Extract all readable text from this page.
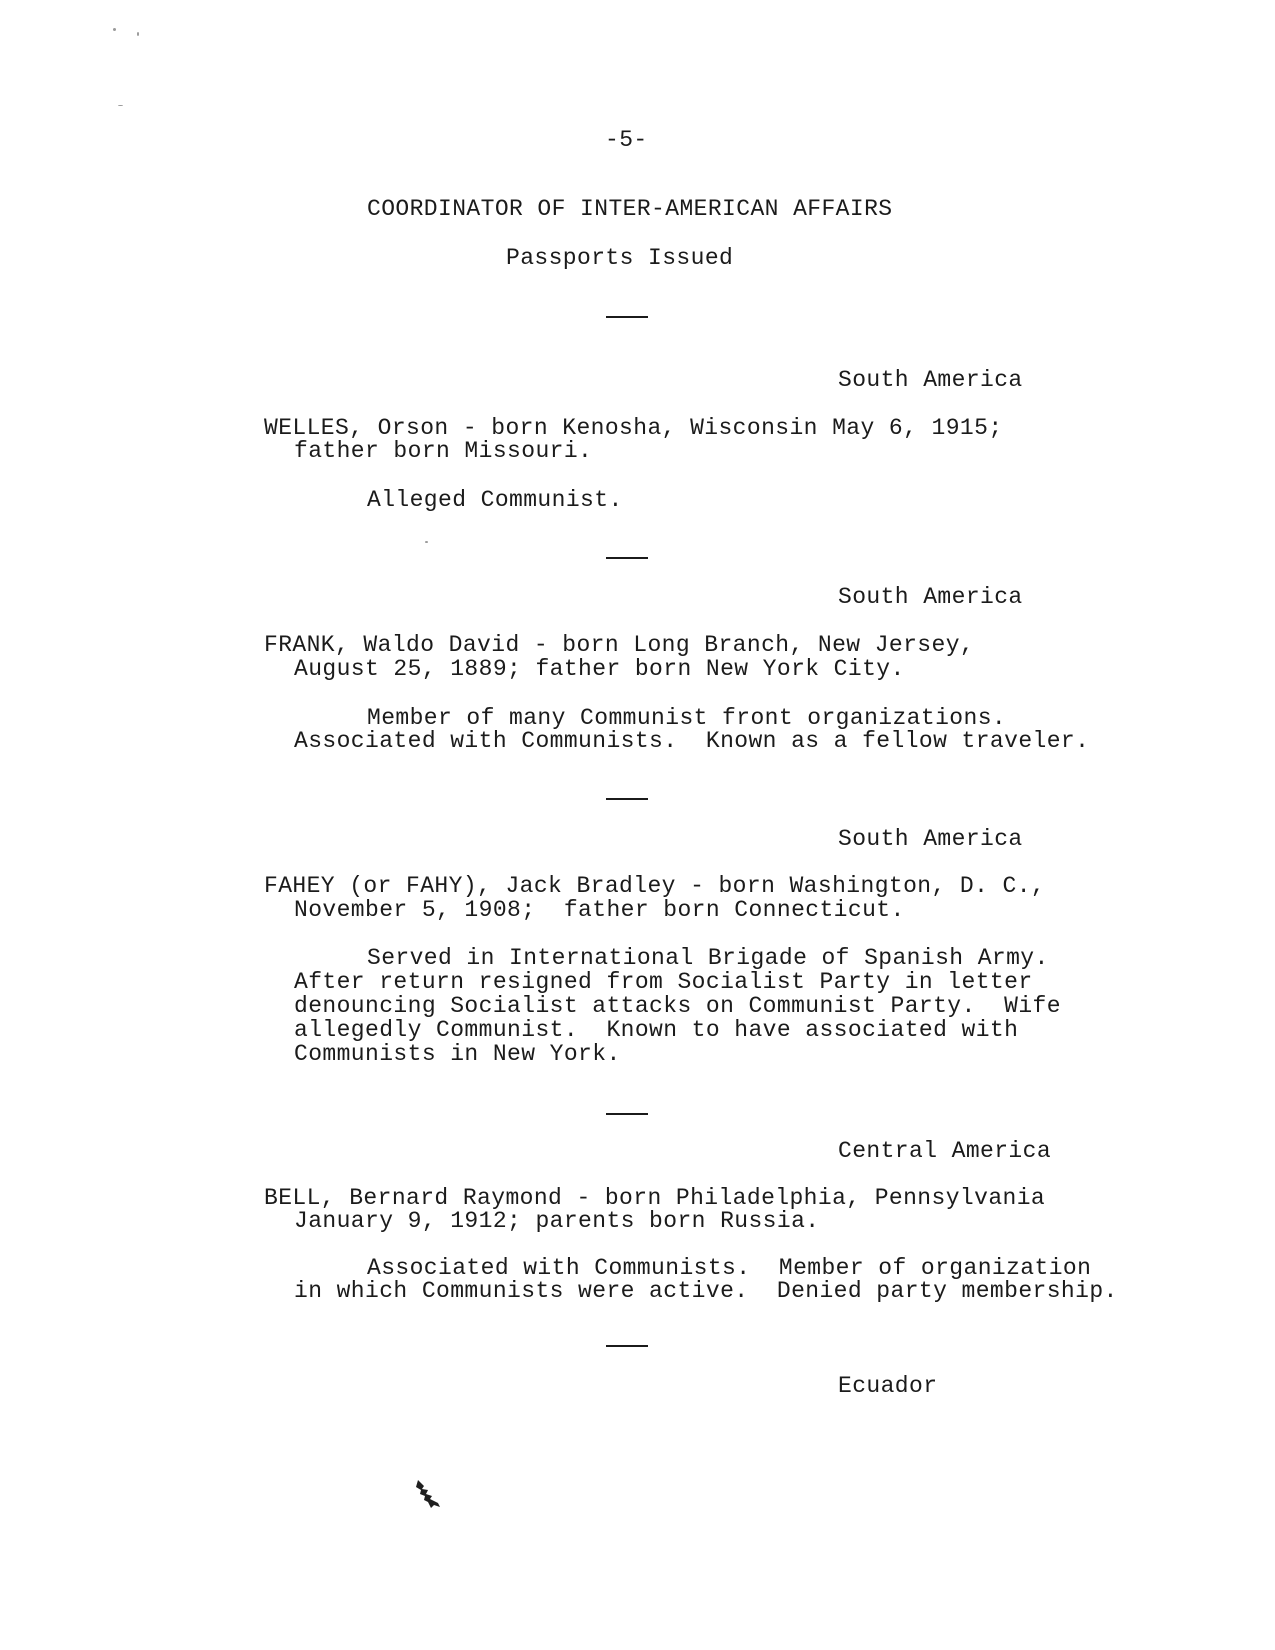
-5-
COORDINATOR OF INTER-AMERICAN AFFAIRS
Passports Issued
South America
WELLES, Orson - born Kenosha, Wisconsin May 6, 1915;
father born Missouri.
Alleged Communist.
South America
FRANK, Waldo David - born Long Branch, New Jersey,
August 25, 1889; father born New York City.
Member of many Communist front organizations.
Associated with Communists.  Known as a fellow traveler.
South America
FAHEY (or FAHY), Jack Bradley - born Washington, D. C.,
November 5, 1908;  father born Connecticut.
Served in International Brigade of Spanish Army.
After return resigned from Socialist Party in letter
denouncing Socialist attacks on Communist Party.  Wife
allegedly Communist.  Known to have associated with
Communists in New York.
Central America
BELL, Bernard Raymond - born Philadelphia, Pennsylvania
January 9, 1912; parents born Russia.
Associated with Communists.  Member of organization
in which Communists were active.  Denied party membership.
Ecuador
